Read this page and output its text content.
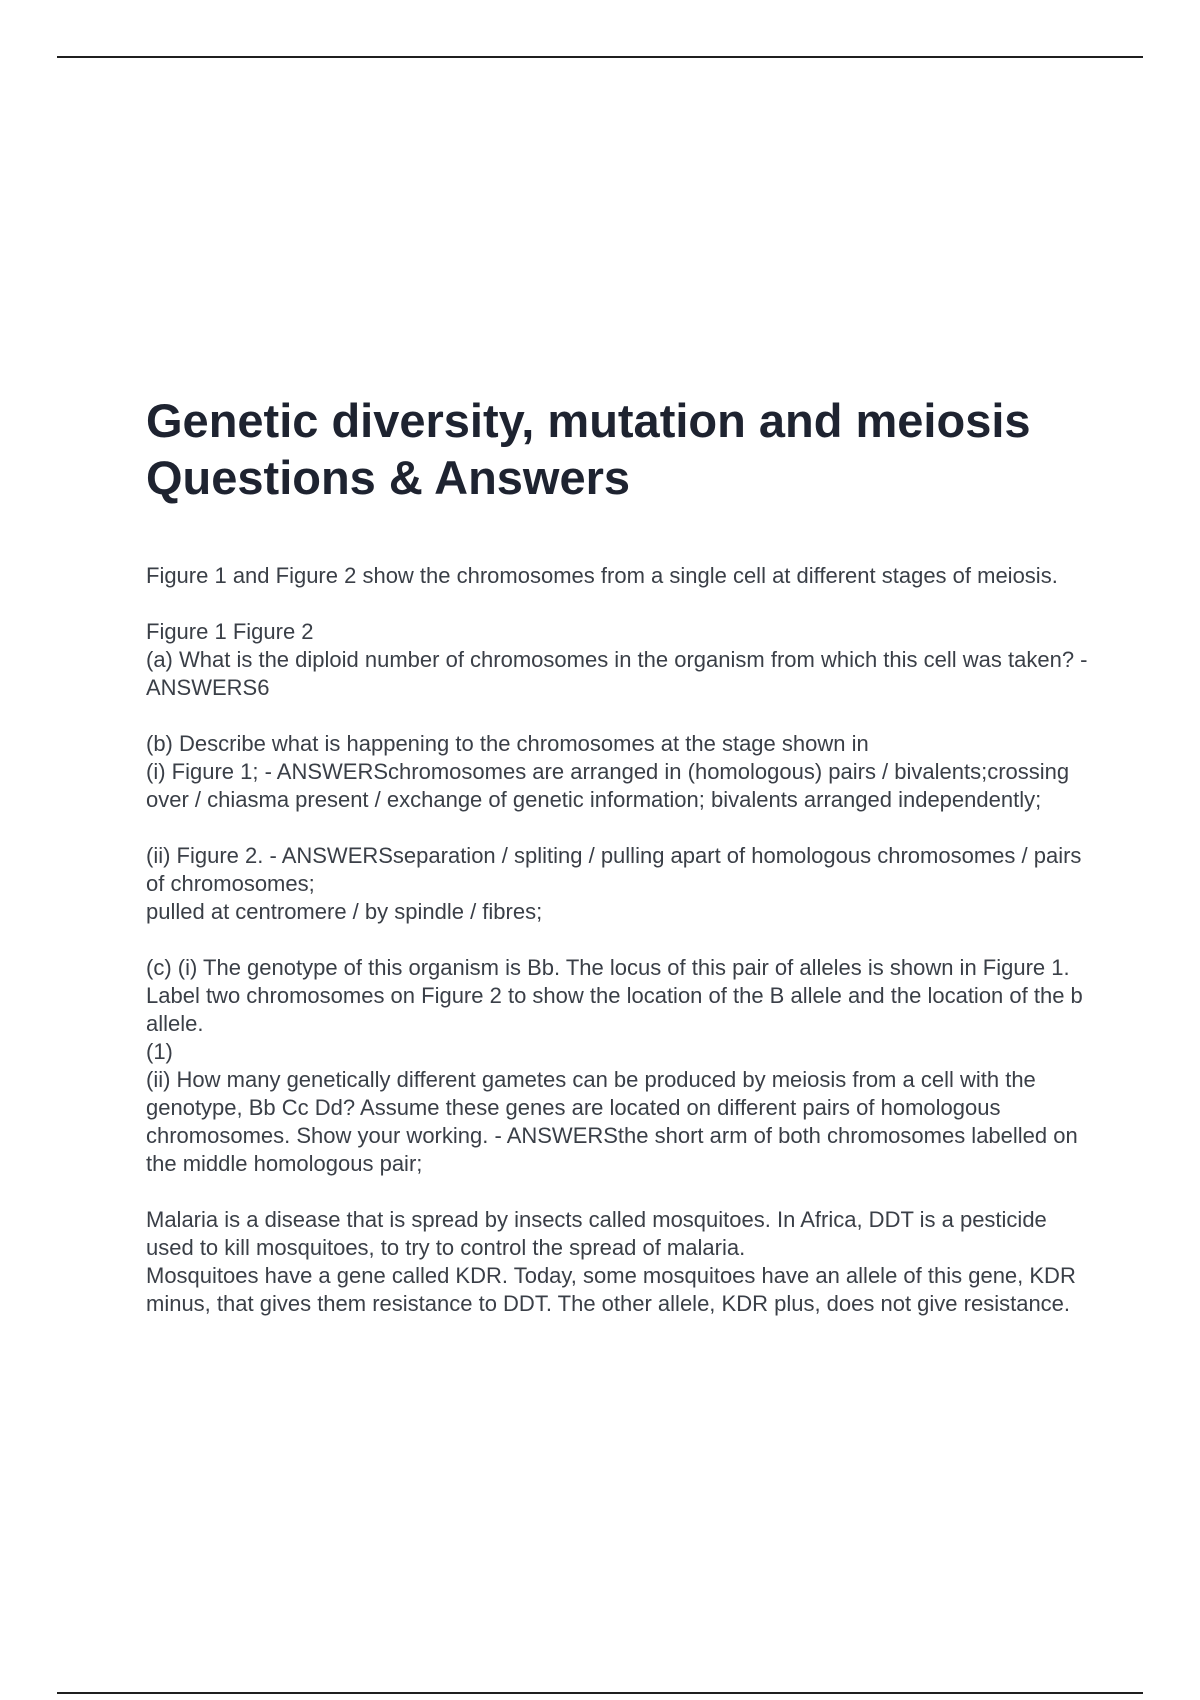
Genetic diversity, mutation and meiosis
Questions & Answers

Figure 1 and Figure 2 show the chromosomes from a single cell at different stages of meiosis.

Figure 1 Figure 2
(a) What is the diploid number of chromosomes in the organism from which this cell was taken? - ANSWERS6

(b) Describe what is happening to the chromosomes at the stage shown in
(i) Figure 1; - ANSWERSchromosomes are arranged in (homologous) pairs / bivalents;crossing over / chiasma present / exchange of genetic information; bivalents arranged independently;

(ii) Figure 2. - ANSWERSseparation / spliting / pulling apart of homologous chromosomes / pairs of chromosomes;
pulled at centromere / by spindle / fibres;

(c) (i) The genotype of this organism is Bb. The locus of this pair of alleles is shown in Figure 1.
Label two chromosomes on Figure 2 to show the location of the B allele and the location of the b allele.
(1)
(ii) How many genetically different gametes can be produced by meiosis from a cell with the genotype, Bb Cc Dd? Assume these genes are located on different pairs of homologous chromosomes. Show your working. - ANSWERSthe short arm of both chromosomes labelled on the middle homologous pair;

Malaria is a disease that is spread by insects called mosquitoes. In Africa, DDT is a pesticide used to kill mosquitoes, to try to control the spread of malaria.
Mosquitoes have a gene called KDR. Today, some mosquitoes have an allele of this gene, KDR minus, that gives them resistance to DDT. The other allele, KDR plus, does not give resistance.
